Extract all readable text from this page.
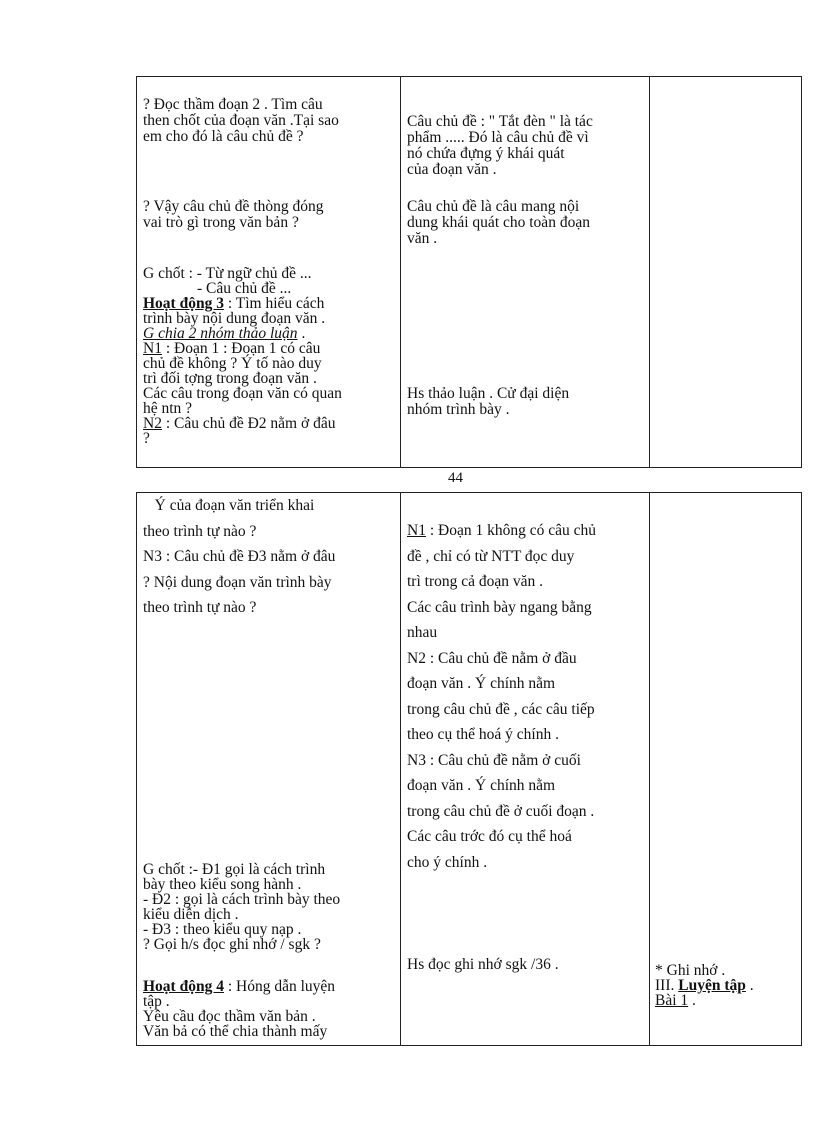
? Đọc thầm đoạn 2 . Tìm câu
then chốt của đoạn văn .Tại sao
em cho đó là câu chủ đề ?
? Vậy câu chủ đề thòng đóng
vai trò gì trong văn bản ?
G chốt : - Từ ngữ chủ đề ...
- Câu chủ đề ...
Hoạt động 3 : Tìm hiểu cách
trình bày nội dung đoạn văn .
G chia 2 nhóm thảo luận .
N1 : Đoạn 1 : Đoạn 1 có câu
chủ đề không ? Ý tố nào duy
trì đối tợng trong đoạn văn .
Các câu trong đoạn văn có quan
hệ ntn ?
N2 : Câu chủ đề Đ2 nằm ở đâu
?
Câu chủ đề : " Tắt đèn " là tác
phẩm ..... Đó là câu chủ đề vì
nó chứa đựng ý khái quát
của đoạn văn .
Câu chủ đề là câu mang nội
dung khái quát cho toàn đoạn
văn .
Hs thảo luận . Cử đại diện
nhóm trình bày .
44
Ý của đoạn văn triển khai
theo trình tự nào ?
N3 : Câu chủ đề Đ3 nằm ở đâu
? Nội dung đoạn văn trình bày
theo trình tự nào ?
G chốt :- Đ1 gọi là cách trình
bày theo kiểu song hành .
- Đ2 : gọi là cách trình bày theo
kiểu diễn dịch .
- Đ3 : theo kiểu quy nạp .
? Gọi h/s đọc ghi nhớ / sgk ?
Hoạt động 4 : Hóng dẫn luyện
tập .
Yêu cầu đọc thầm văn bản .
Văn bả có thể chia thành mấy
N1 : Đoạn 1 không có câu chủ
đề , chỉ có từ NTT đọc duy
trì trong cả đoạn văn .
Các câu trình bày ngang bằng
nhau
N2 : Câu chủ đề nằm ở đầu
đoạn văn . Ý chính nằm
trong câu chủ đề , các câu tiếp
theo cụ thể hoá ý chính .
N3 : Câu chủ đề nằm ở cuối
đoạn văn . Ý chính nằm
trong câu chủ đề ở cuối đoạn .
Các câu trớc đó cụ thể hoá
cho ý chính .
Hs đọc ghi nhớ sgk /36 .	* Ghi nhớ .
III. Luyện tập .
Bài 1 .
